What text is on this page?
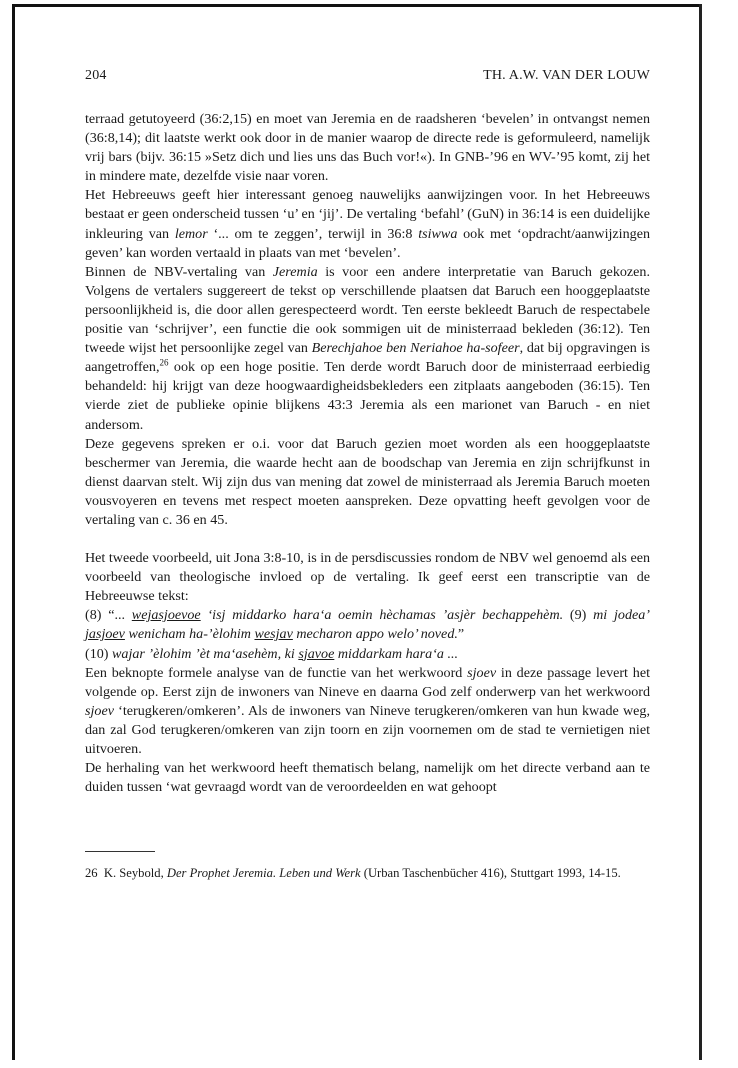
204	TH. A.W. VAN DER LOUW

terraad getutoyeerd (36:2,15) en moet van Jeremia en de raadsheren ‘bevelen’ in ontvangst nemen (36:8,14); dit laatste werkt ook door in de manier waarop de directe rede is geformuleerd, namelijk vrij bars (bijv. 36:15 »Setz dich und lies uns das Buch vor!«). In GNB-’96 en WV-’95 komt, zij het in mindere mate, dezelfde visie naar voren.

Het Hebreeuws geeft hier interessant genoeg nauwelijks aanwijzingen voor. In het Hebreeuws bestaat er geen onderscheid tussen ‘u’ en ‘jij’. De vertaling ‘befahl’ (GuN) in 36:14 is een duidelijke inkleuring van lemor ‘... om te zeggen’, terwijl in 36:8 tsiwwa ook met ‘opdracht/aanwijzingen geven’ kan worden vertaald in plaats van met ‘bevelen’.

Binnen de NBV-vertaling van Jeremia is voor een andere interpretatie van Baruch gekozen. Volgens de vertalers suggereert de tekst op verschillende plaatsen dat Baruch een hooggeplaatste persoonlijkheid is, die door allen gerespecteerd wordt. Ten eerste bekleedt Baruch de respectabele positie van ‘schrijver’, een functie die ook sommigen uit de ministerraad bekleden (36:12). Ten tweede wijst het persoonlijke zegel van Berechjahoe ben Neriahoe ha-sofeer, dat bij opgravingen is aangetroffen,$^{26}$ ook op een hoge positie. Ten derde wordt Baruch door de ministerraad eerbiedig behandeld: hij krijgt van deze hoogwaardigheidsbekleders een zitplaats aangeboden (36:15). Ten vierde ziet de publieke opinie blijkens 43:3 Jeremia als een marionet van Baruch - en niet andersom.

Deze gegevens spreken er o.i. voor dat Baruch gezien moet worden als een hooggeplaatste beschermer van Jeremia, die waarde hecht aan de boodschap van Jeremia en zijn schrijfkunst in dienst daarvan stelt. Wij zijn dus van mening dat zowel de ministerraad als Jeremia Baruch moeten vousvoyeren en tevens met respect moeten aanspreken. Deze opvatting heeft gevolgen voor de vertaling van c. 36 en 45.

Het tweede voorbeeld, uit Jona 3:8-10, is in de persdiscussies rondom de NBV wel genoemd als een voorbeeld van theologische invloed op de vertaling. Ik geef eerst een transcriptie van de Hebreeuwse tekst:

(8) “... wejasjoevoe ‘isj middarko hara‘a oemin hèchamas ’asjèr bechappehèm. (9) mi jodea’ jasjoev wenicham ha-’èlohim wesjav mecharon appo welo’ noved.”

(10) wajar ’èlohim ’èt ma‘asehèm, ki sjavoe middarkam hara‘a ...

Een beknopte formele analyse van de functie van het werkwoord sjoev in deze passage levert het volgende op. Eerst zijn de inwoners van Nineve en daarna God zelf onderwerp van het werkwoord sjoev ‘terugkeren/omkeren’. Als de inwoners van Nineve terugkeren/omkeren van hun kwade weg, dan zal God terugkeren/omkeren van zijn toorn en zijn voornemen om de stad te vernietigen niet uitvoeren.

De herhaling van het werkwoord heeft thematisch belang, namelijk om het directe verband aan te duiden tussen ‘wat gevraagd wordt van de veroordeelden en wat gehoopt

26 K. Seybold, Der Prophet Jeremia. Leben und Werk (Urban Taschenbücher 416), Stuttgart 1993, 14-15.
